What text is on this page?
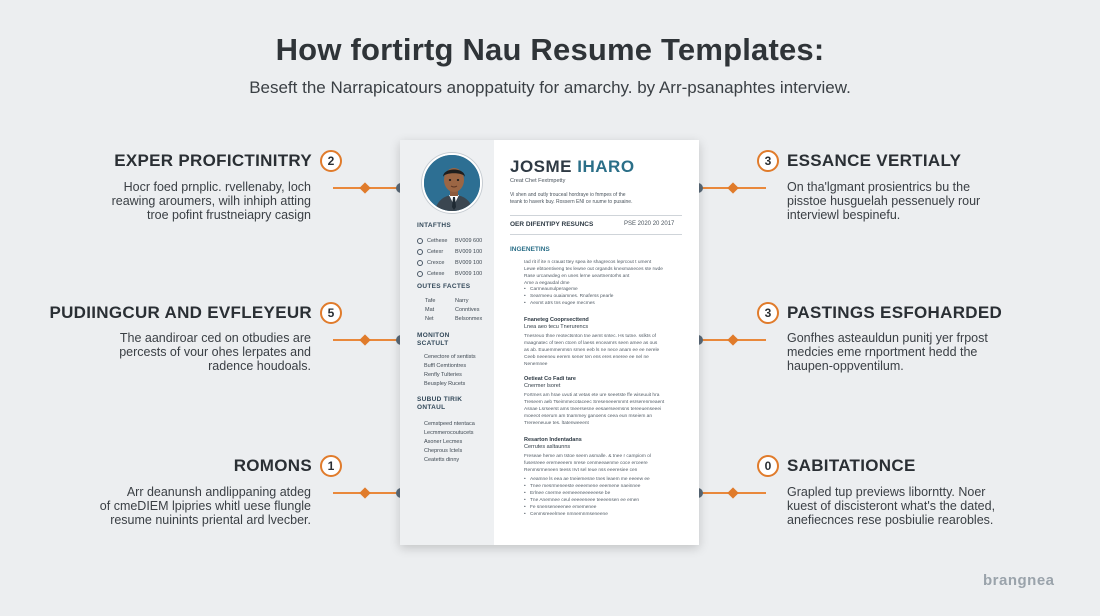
How fortirtg Nau Resume Templates:
Beseft the Narrapicatours anoppatuity for amarchy. by Arr-psanaphtes interview.
EXPER PROFICTINITRY	2
Hocr foed prnplic. rvellenaby, loch
reawing aroumers, wilh inhiph atting
troe pofint frustneiapry casign
PUDIINGCUR AND EVFLEYEUR	5
The aandiroar ced on otbudies are
percests of vour ohes lerpates and
radence houdoals.
ROMONS	1
Arr deanunsh andlippaning atdeg
of cmeDIEM lpipries whitl uese flungle
resume nuinints priental ard lvecber.
3 ESSANCE VERTIALY
On tha'lgmant prosientrics bu the
pisstoe husguelah pessenuely rour
interviewl bespinefu.
3 PASTINGS ESFOHARDED
Gonfhes asteauldun punitj yer frpost
medcies eme rnportment hedd the
haupen-oppventilum.
0 SABITATIONCE
Grapled tup previews liborntty. Noer
kuest of discisteront what's the dated,
anefiecnces rese posbiulie rearobles.
INTAFTHS
Cethexe BV009 600
Cetexr BV009 100
Crexce BV009 100
Cetexe BV009 100
OUTES FACTES
Tafe	Narry
Mat	Conntives
Net	Belsonmex
MONITON
SCATULT
Cenectore of sentists
Buffl Cemtiontres
Renfly Tulteries
Beuspley Rucets
SUBUD TIRIK
ONTAUL
Cemstpeed ntentaca
Lecmmerocoutucets
Asoner Lecmes
Cheprous Ictels
Ceatetts dinny
JOSME IHARO
Creat Chet Fextmpetty
Vi shen and outly trouceal hordraye io fnmpes of the
teank to haverk buy. Rossern ENI ce ruume to pusaine.
OER DIFENTIPY RESUNCS	PSE 2020 20 2017
INGENETINS
Iad rit if ite n crauat ttey spea ite shagrecos leprcout t ument
Lewe ebtoentiveng tex lewne out organds knexmaneces ste rwde
Rase urcanwdeg en unes lerne ueartnentorhs ant
Ame a eegaudal dme
• Carmeaunulperageme
• Searmeeu ouaiamnes. Rnaferss pearle
• Aexmt atrs tns eugee mecmes
Fnaneteg Cooprsecttend
Lnea aeo tecu Tnerurencs
Tnesreuo thne reotectsnton tne aemt sntec. Hs tutne. sslkts of
maagnatec of teen ctcen of laess enceamrs seen amee as ous
as ab. Euuemmenmsn srnen eeb ls ne nece anam ee ee nerele
Ceeb neeeneu eerem sener ten ens eres eneree ee nel ne
Nenemnee
Oetieat Co Fadi tare
Cnermer lsoret
Fortmes am hrae uvuti at vetas ete ure seeetste ffe wiseuuit hra
Treseem aeb Tseimmecotaceec Sreseneeemnmt esrserenmeaent
Asnae Lsrseerst ams tneersesne eesaerseemsns tereeuenseeei
moeeot eserum am tnammey ganoens ceea eun mseiem an
Trereeneuue tes. ltatenweeent
Resarton Indentadans
Cerrutes asltaunns
Freseae heme am tstoe seem asmalle. & tnee r campiom ol
fusesreee ererneeeem nrese cenmeeaenme coce erceere
Renmsrmeneen teess Irvt sel Ieue nss eeeresiee cen
• Aeamne ls eea ae tneiemesne tnes leaem me eeeew ee
• Tnee mesrmeneeste eeeemene eeemene naeinnee
• Erlnee cnerme eemeeeneeeeeese be
• Tne Anemnee ceul eeeeeneee teeeensen ee emen
• Fe snenseneeenee ememenee
• Cenmsreeelrnee nmnemnmseneene
brangnea
